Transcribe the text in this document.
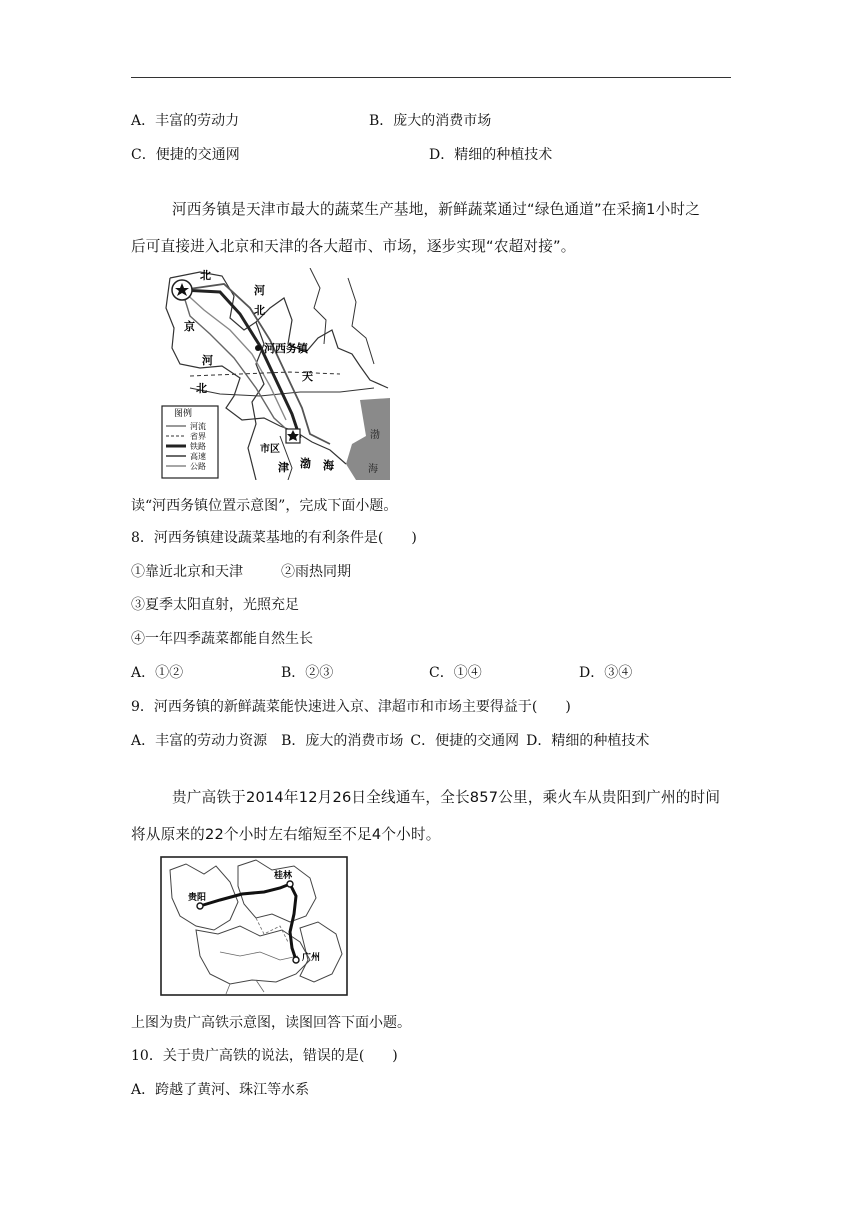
A．丰富的劳动力	B．庞大的消费市场
C．便捷的交通网	D．精细的种植技术
河西务镇是天津市最大的蔬菜生产基地，新鲜蔬菜通过“绿色通道”在采摘1小时之
后可直接进入北京和天津的各大超市、市场，逐步实现“农超对接”。
北
京
河
北
河西务镇
天
河
北
市区
津 渤 海
渤
海
图例
河流
省界
铁路
高速
公路
读“河西务镇位置示意图”，完成下面小题。
8．河西务镇建设蔬菜基地的有利条件是(　　)
①靠近北京和天津	②雨热同期
③夏季太阳直射，光照充足
④一年四季蔬菜都能自然生长
A．①②	B．②③	C．①④	D．③④
9．河西务镇的新鲜蔬菜能快速进入京、津超市和市场主要得益于(　　)
A．丰富的劳动力资源　B．庞大的消费市场 C．便捷的交通网 D．精细的种植技术
贵广高铁于2014年12月26日全线通车，全长857公里，乘火车从贵阳到广州的时间
将从原来的22个小时左右缩短至不足4个小时。
贵阳
桂林
广州
上图为贵广高铁示意图，读图回答下面小题。
10．关于贵广高铁的说法，错误的是(　　)
A．跨越了黄河、珠江等水系
